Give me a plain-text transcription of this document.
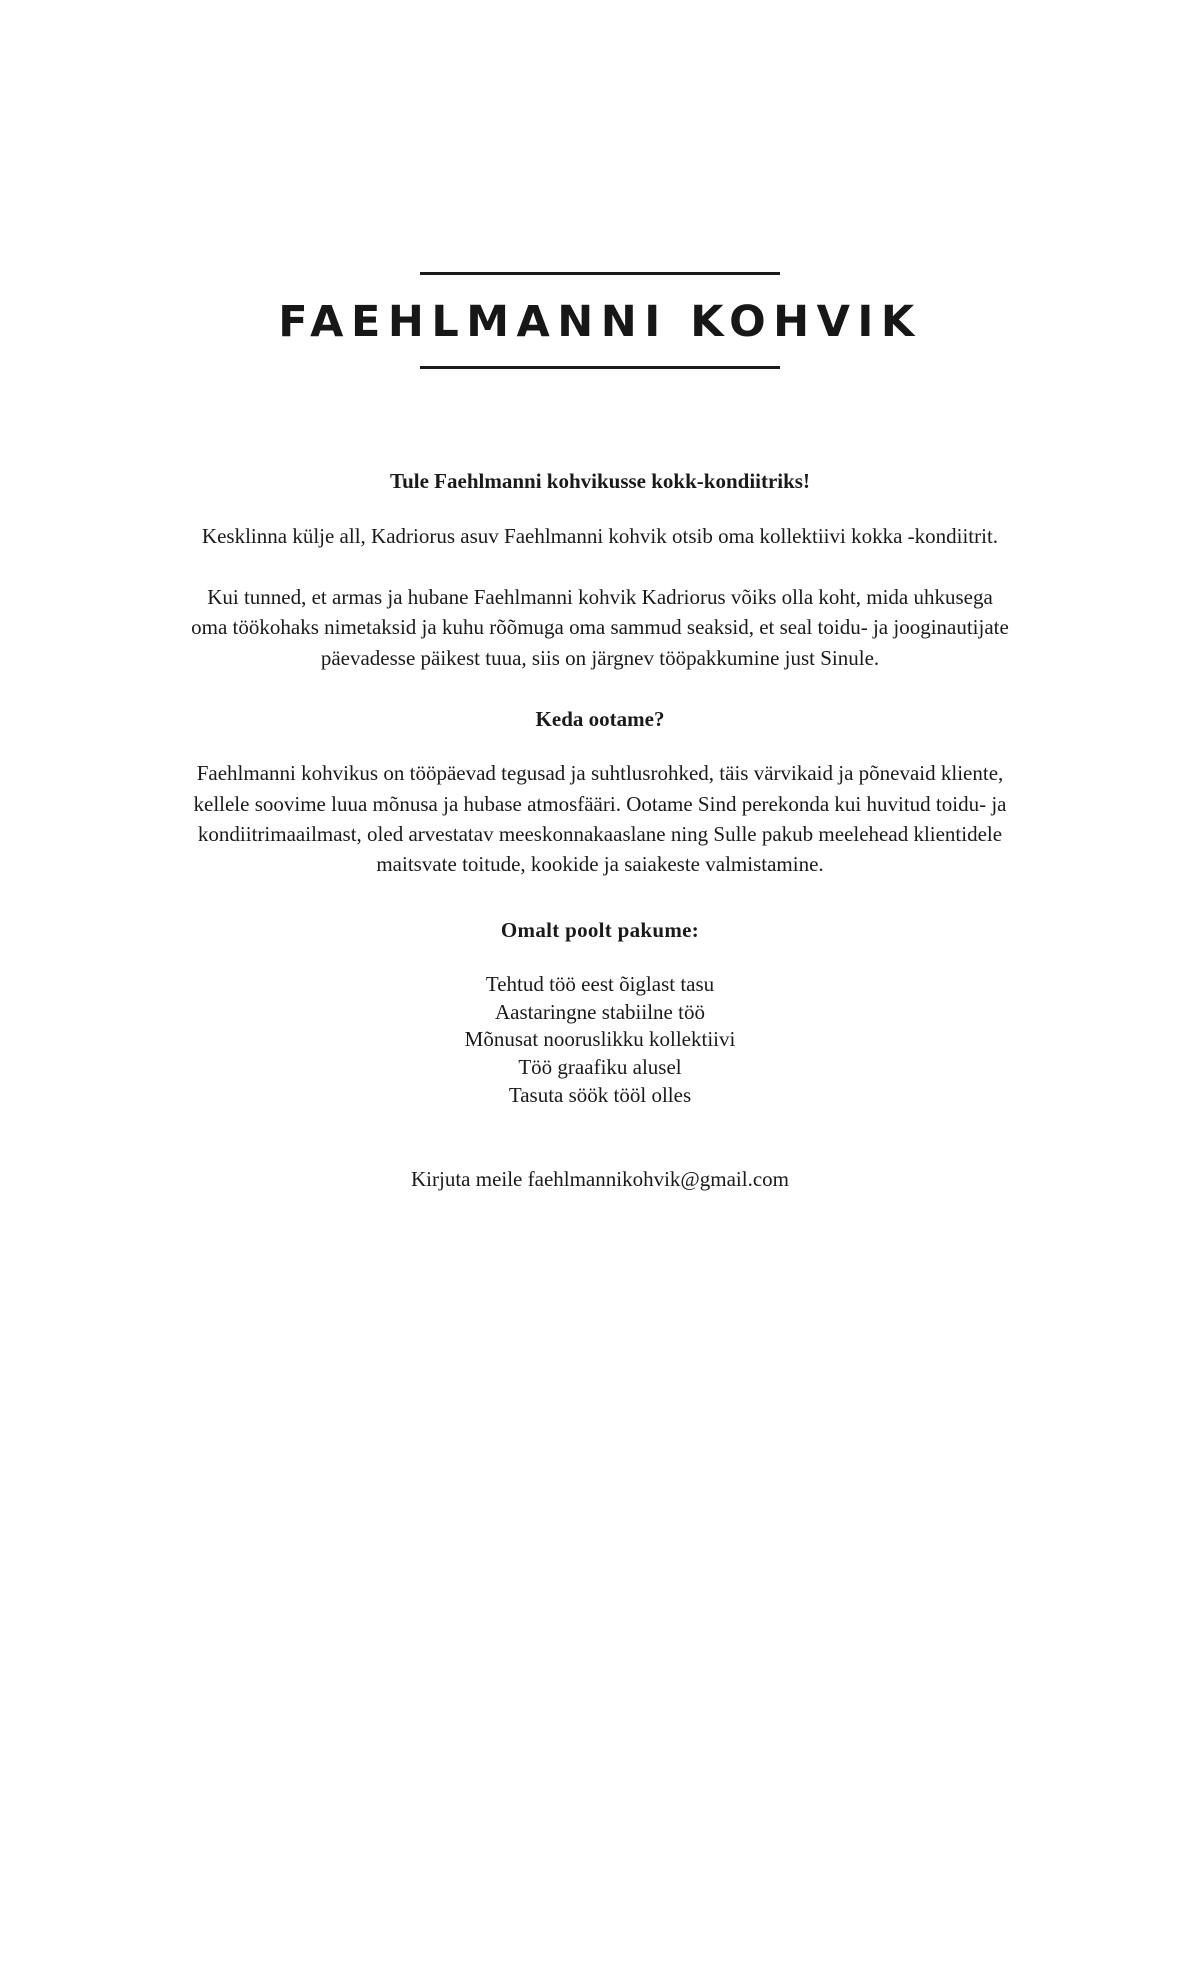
FAEHLMANNI KOHVIK
Tule Faehlmanni kohvikusse kokk-kondiitriks!

Kesklinna külje all, Kadriorus asuv Faehlmanni kohvik otsib oma kollektiivi kokka -kondiitrit.

Kui tunned, et armas ja hubane Faehlmanni kohvik Kadriorus võiks olla koht, mida uhkusega oma töökohaks nimetaksid ja kuhu rõõmuga oma sammud seaksid, et seal toidu- ja jooginautijate päevadesse päikest tuua, siis on järgnev tööpakkumine just Sinule.

Keda ootame?

Faehlmanni kohvikus on tööpäevad tegusad ja suhtlusrohked, täis värvikaid ja põnevaid kliente, kellele soovime luua mõnusa ja hubase atmosfääri. Ootame Sind perekonda kui huvitud toidu- ja kondiitrimaailmast, oled arvestatav meeskonnakaaslane ning Sulle pakub meelehead klientidele maitsvate toitude, kookide ja saiakeste valmistamine.

Omalt poolt pakume:
Tehtud töö eest õiglast tasu
Aastaringne stabiilne töö
Mõnusat nooruslikku kollektiivi
Töö graafiku alusel
Tasuta söök tööl olles
Kirjuta meile faehlmannikohvik@gmail.com
